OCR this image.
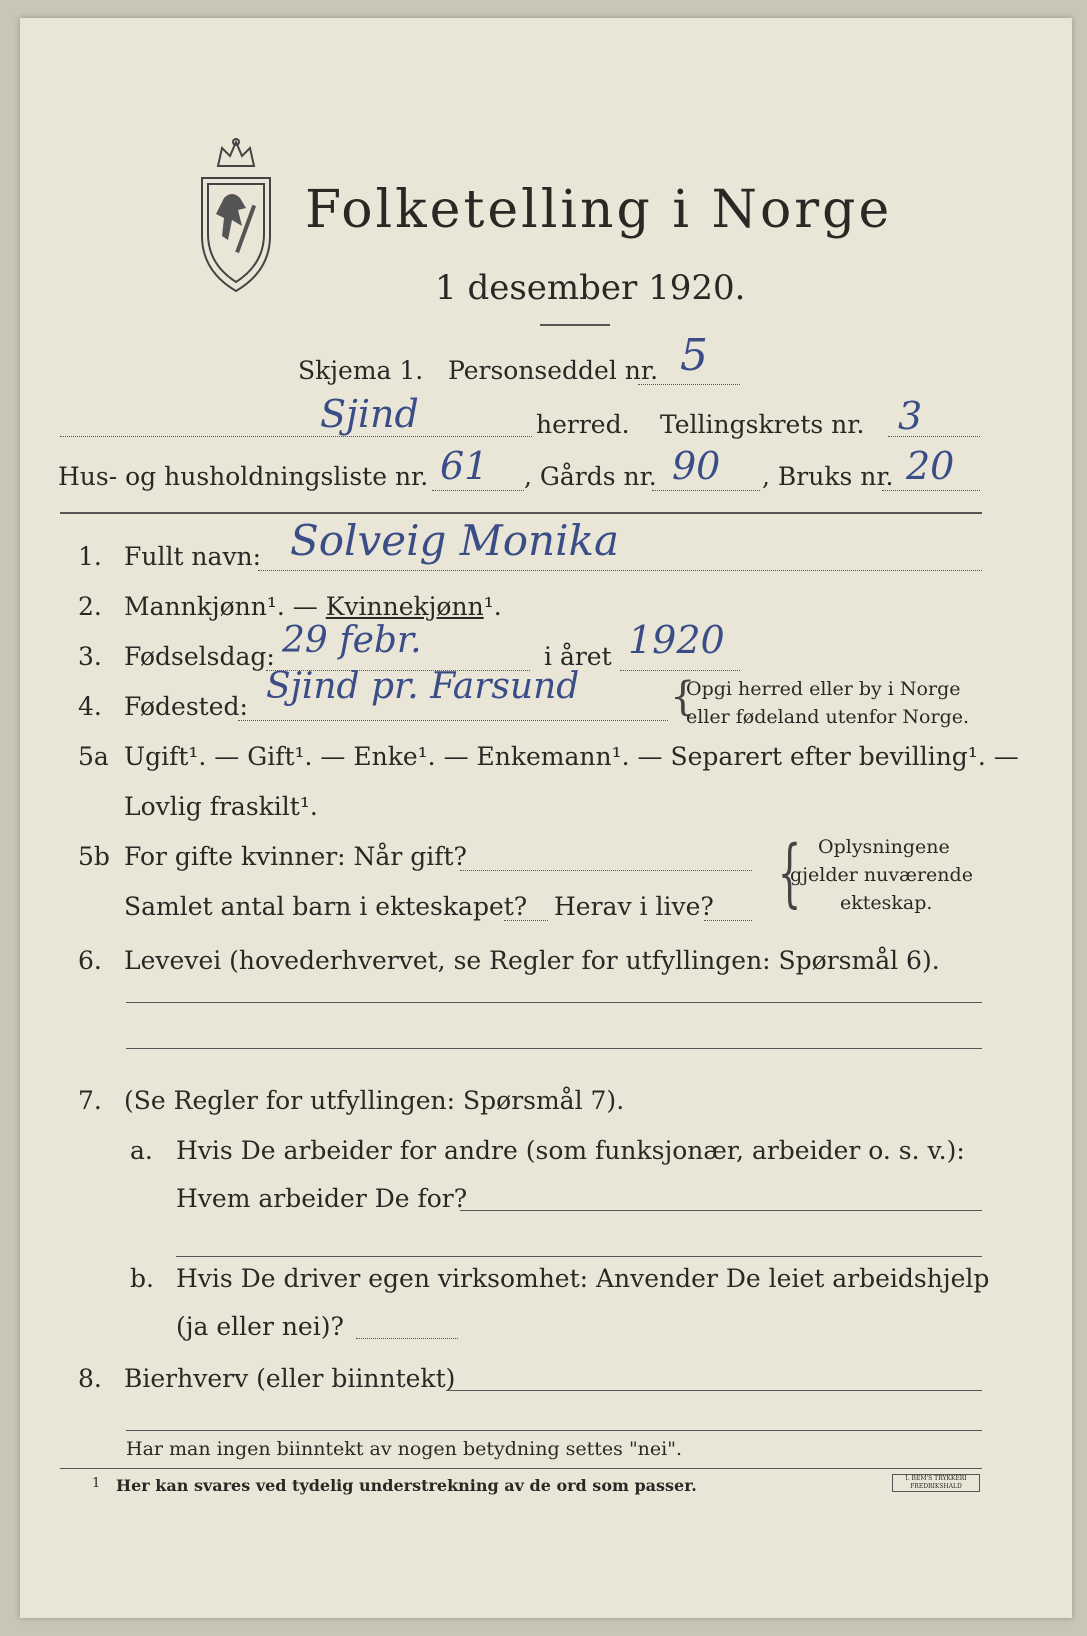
Folketelling i Norge
1 desember 1920.
Skjema 1. Personseddel nr. 5
Sjind	herred. Tellingskrets nr. 3
Hus- og husholdningsliste nr. 61 , Gårds nr. 90 , Bruks nr. 20
1. Fullt navn: Solveig Monika
2. Mannkjønn¹. — Kvinnekjønn¹.
3. Fødselsdag: 29 febr.	i året 1920
4. Fødested: Sjind pr. Farsund {
Opgi herred eller by i Norge
eller fødeland utenfor Norge.
5a Ugift¹. — Gift¹. — Enke¹. — Enkemann¹. — Separert efter bevilling¹. —
Lovlig fraskilt¹.
5b For gifte kvinner: Når gift?
Samlet antal barn i ekteskapet? Herav i live? { Oplysningene
gjelder nuværende
ekteskap.
6. Levevei (hovederhvervet, se Regler for utfyllingen: Spørsmål 6).
7. (Se Regler for utfyllingen: Spørsmål 7).
a. Hvis De arbeider for andre (som funksjonær, arbeider o. s. v.):
Hvem arbeider De for?
b. Hvis De driver egen virksomhet: Anvender De leiet arbeidshjelp
(ja eller nei)?
8. Bierhverv (eller biinntekt)
Har man ingen biinntekt av nogen betydning settes "nei".
1 Her kan svares ved tydelig understrekning av de ord som passer.	I. BEM'S TRYKKERI FREDRIKSHALD
